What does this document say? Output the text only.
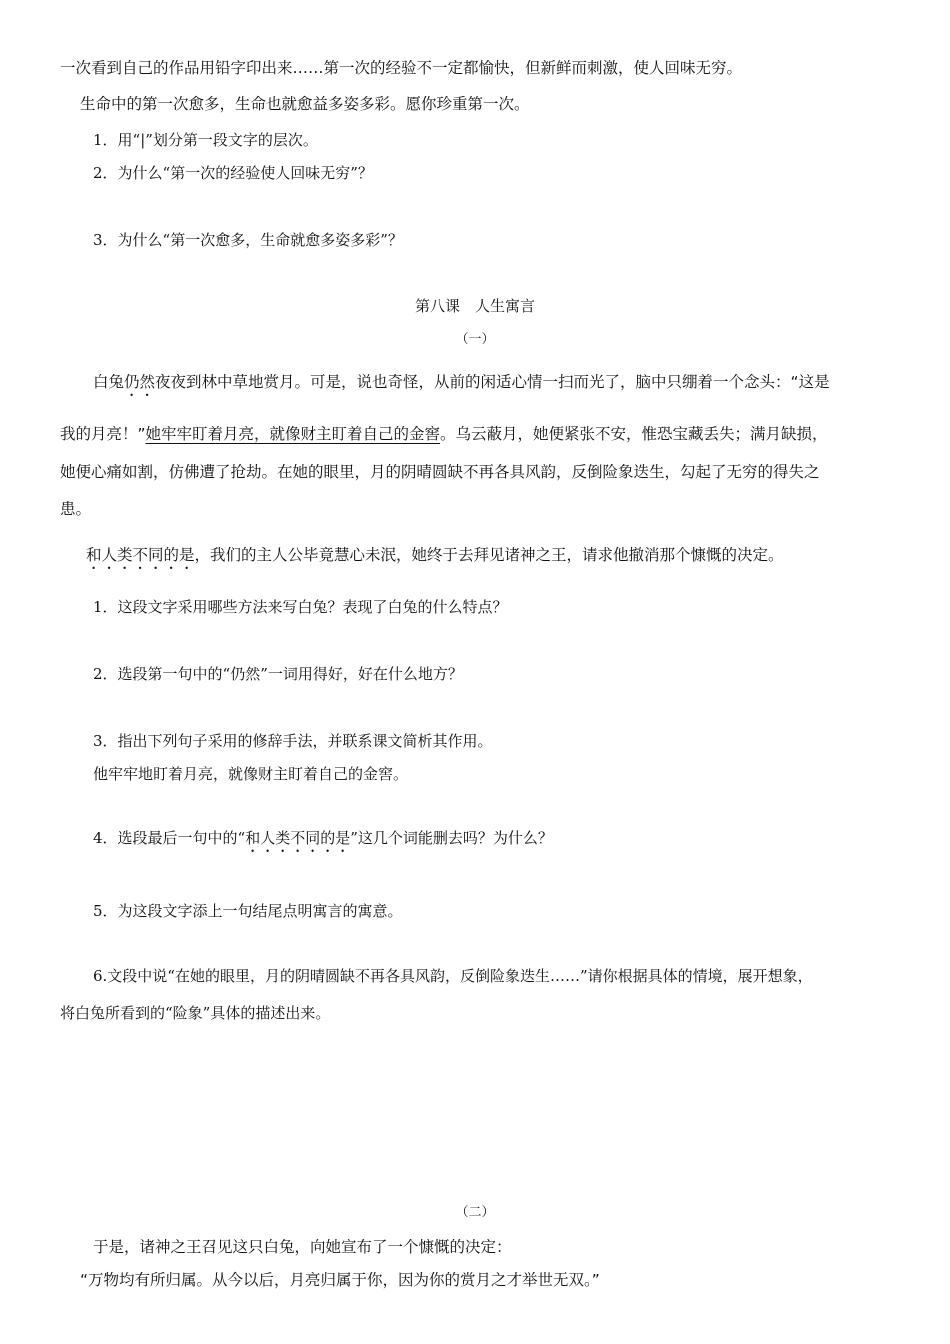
一次看到自己的作品用铅字印出来……第一次的经验不一定都愉快，但新鲜而刺激，使人回味无穷。
生命中的第一次愈多，生命也就愈益多姿多彩。愿你珍重第一次。
1．用“|”划分第一段文字的层次。
2．为什么“第一次的经验使人回味无穷”？
3．为什么“第一次愈多，生命就愈多姿多彩”？
第八课　人生寓言
（一）
白兔仍然夜夜到林中草地赏月。可是，说也奇怪，从前的闲适心情一扫而光了，脑中只绷着一个念头：“这是
我的月亮！”她牢牢盯着月亮，就像财主盯着自己的金窖。乌云蔽月，她便紧张不安，惟恐宝藏丢失；满月缺损，
她便心痛如割，仿佛遭了抢劫。在她的眼里，月的阴晴圆缺不再各具风韵，反倒险象迭生，勾起了无穷的得失之
患。
和人类不同的是，我们的主人公毕竟慧心未泯，她终于去拜见诸神之王，请求他撤消那个慷慨的决定。
1．这段文字采用哪些方法来写白兔？表现了白兔的什么特点？
2．选段第一句中的“仍然”一词用得好，好在什么地方？
3．指出下列句子采用的修辞手法，并联系课文简析其作用。
他牢牢地盯着月亮，就像财主盯着自己的金窖。
4．选段最后一句中的“和人类不同的是”这几个词能删去吗？为什么？
5．为这段文字添上一句结尾点明寓言的寓意。
6.文段中说“在她的眼里，月的阴晴圆缺不再各具风韵，反倒险象迭生……”请你根据具体的情境，展开想象，
将白兔所看到的“险象”具体的描述出来。
（二）
于是，诸神之王召见这只白兔，向她宣布了一个慷慨的决定：
“万物均有所归属。从今以后，月亮归属于你，因为你的赏月之才举世无双。”
